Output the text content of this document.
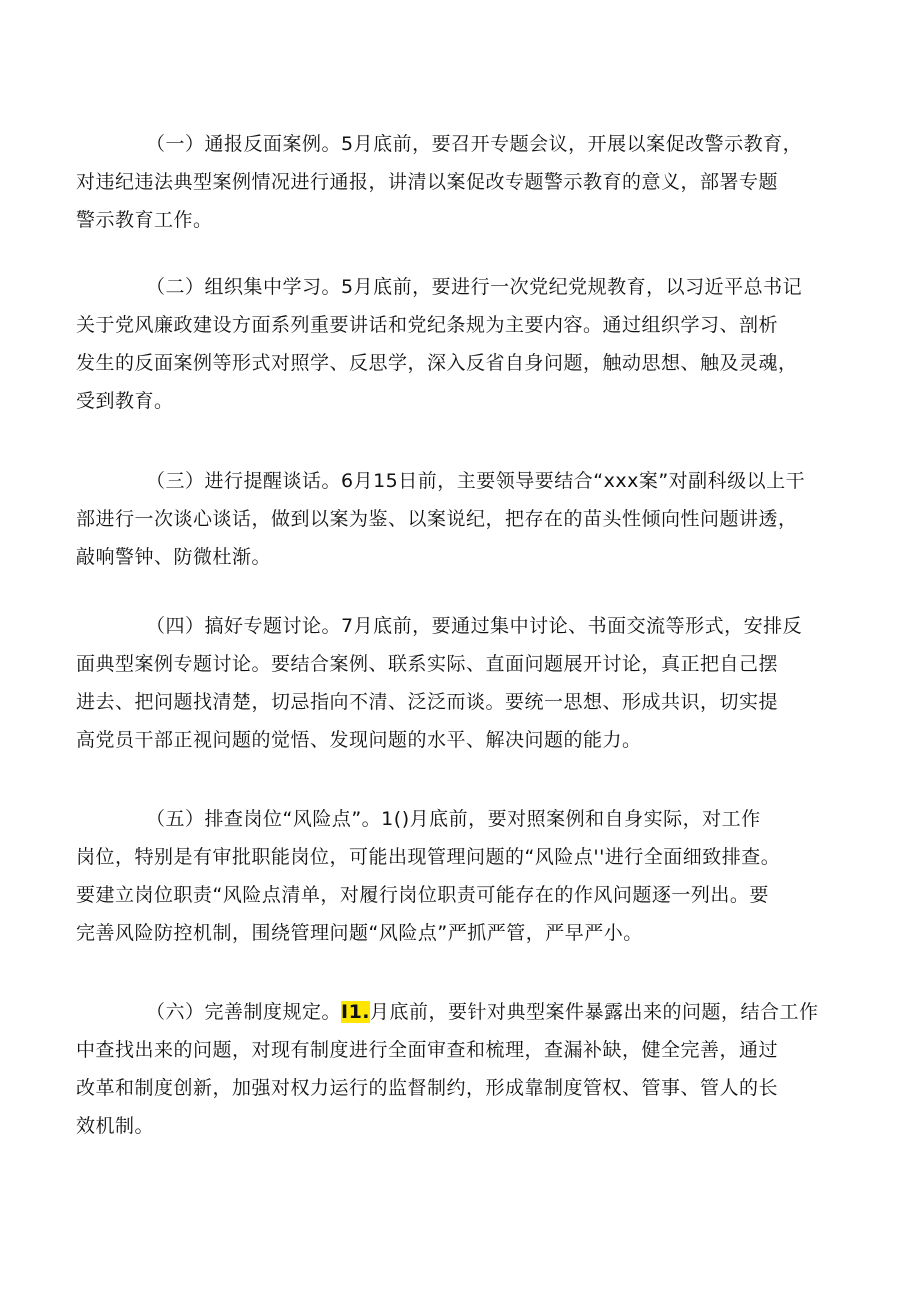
（一）通报反面案例。5月底前，要召开专题会议，开展以案促改警示教育，
对违纪违法典型案例情况进行通报，讲清以案促改专题警示教育的意义，部署专题
警示教育工作。
（二）组织集中学习。5月底前，要进行一次党纪党规教育，以习近平总书记
关于党风廉政建设方面系列重要讲话和党纪条规为主要内容。通过组织学习、剖析
发生的反面案例等形式对照学、反思学，深入反省自身问题，触动思想、触及灵魂，
受到教育。
（三）进行提醒谈话。6月15日前，主要领导要结合“xxx案”对副科级以上干
部进行一次谈心谈话，做到以案为鉴、以案说纪，把存在的苗头性倾向性问题讲透，
敲响警钟、防微杜渐。
（四）搞好专题讨论。7月底前，要通过集中讨论、书面交流等形式，安排反
面典型案例专题讨论。要结合案例、联系实际、直面问题展开讨论，真正把自己摆
进去、把问题找清楚，切忌指向不清、泛泛而谈。要统一思想、形成共识，切实提
高党员干部正视问题的觉悟、发现问题的水平、解决问题的能力。
（五）排查岗位“风险点”。1()月底前，要对照案例和自身实际，对工作
岗位，特别是有审批职能岗位，可能出现管理问题的“风险点''进行全面细致排查。
要建立岗位职责“风险点清单，对履行岗位职责可能存在的作风问题逐一列出。要
完善风险防控机制，围绕管理问题“风险点”严抓严管，严早严小。
（六）完善制度规定。I1.月底前，要针对典型案件暴露出来的问题，结合工作
中查找出来的问题，对现有制度进行全面审查和梳理，查漏补缺，健全完善，通过
改革和制度创新，加强对权力运行的监督制约，形成靠制度管权、管事、管人的长
效机制。
